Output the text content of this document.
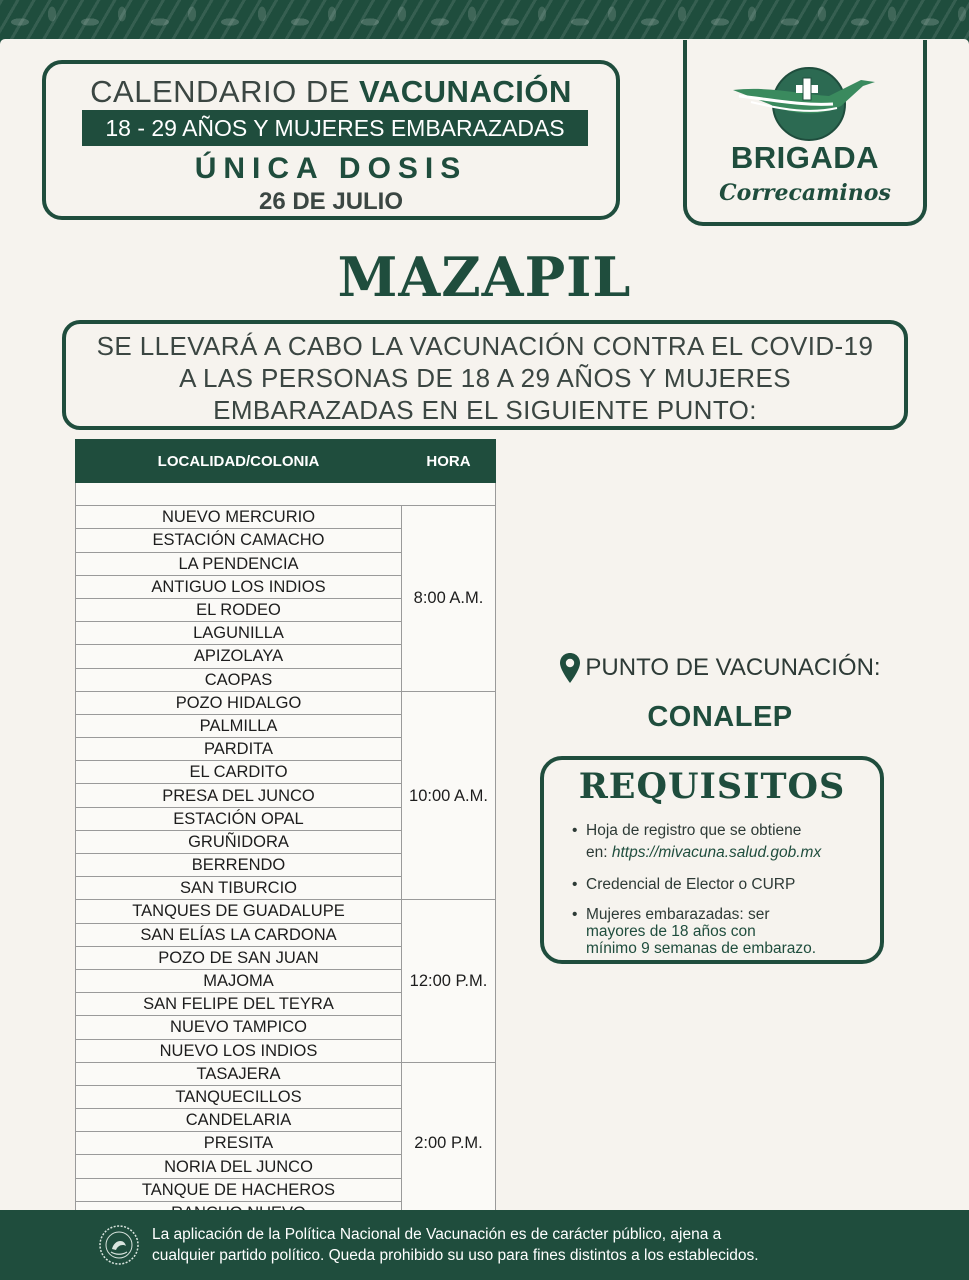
CALENDARIO DE VACUNACIÓN
18 - 29 AÑOS Y MUJERES EMBARAZADAS
ÚNICA DOSIS
26 DE JULIO
BRIGADA
Correcaminos
MAZAPIL
SE LLEVARÁ A CABO LA VACUNACIÓN CONTRA EL COVID-19
A LAS PERSONAS DE 18 A 29 AÑOS Y MUJERES
EMBARAZADAS EN EL SIGUIENTE PUNTO:
LOCALIDAD/COLONIA	HORA

NUEVO MERCURIO	8:00 A.M.
ESTACIÓN CAMACHO	
LA PENDENCIA	
ANTIGUO LOS INDIOS	
EL RODEO	
LAGUNILLA	
APIZOLAYA	
CAOPAS	
POZO HIDALGO	10:00 A.M.
PALMILLA	
PARDITA	
EL CARDITO	
PRESA DEL JUNCO	
ESTACIÓN OPAL	
GRUÑIDORA	
BERRENDO	
SAN TIBURCIO	
TANQUES DE GUADALUPE	12:00 P.M.
SAN ELÍAS LA CARDONA	
POZO DE SAN JUAN	
MAJOMA	
SAN FELIPE DEL TEYRA	
NUEVO TAMPICO	
NUEVO LOS INDIOS	
TASAJERA	2:00 P.M.
TANQUECILLOS	
CANDELARIA	
PRESITA	
NORIA DEL JUNCO	
TANQUE DE HACHEROS	

PUNTO DE VACUNACIÓN:
CONALEP
REQUISITOS
• Hoja de registro que se obtiene
en: https://mivacuna.salud.gob.mx
• Credencial de Elector o CURP
• Mujeres embarazadas: ser
mayores de 18 años con
mínimo 9 semanas de embarazo.
La aplicación de la Política Nacional de Vacunación es de carácter público, ajena a
cualquier partido político. Queda prohibido su uso para fines distintos a los establecidos.
